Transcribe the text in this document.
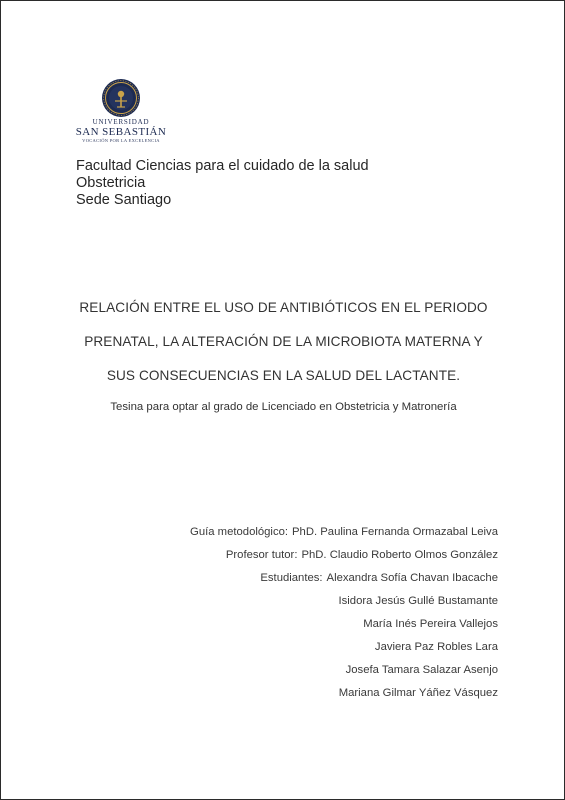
UNIVERSIDAD
SAN SEBASTIÁN
VOCACIÓN POR LA EXCELENCIA
Facultad Ciencias para el cuidado de la salud
Obstetricia
Sede Santiago
RELACIÓN ENTRE EL USO DE ANTIBIÓTICOS EN EL PERIODO
PRENATAL, LA ALTERACIÓN DE LA MICROBIOTA MATERNA Y
SUS CONSECUENCIAS EN LA SALUD DEL LACTANTE.
Tesina para optar al grado de Licenciado en Obstetricia y Matronería
Guía metodológico: PhD. Paulina Fernanda Ormazabal Leiva
Profesor tutor: PhD. Claudio Roberto Olmos González
Estudiantes: Alexandra Sofía Chavan Ibacache
Isidora Jesús Gullé Bustamante
María Inés Pereira Vallejos
Javiera Paz Robles Lara
Josefa Tamara Salazar Asenjo
Mariana Gilmar Yáñez Vásquez
